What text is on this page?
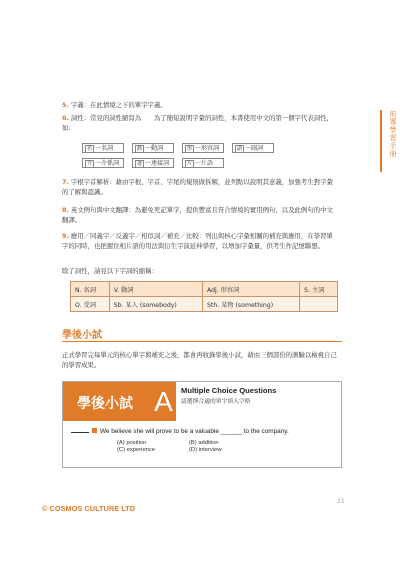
前導學習手冊
5. 字義：在此情境之下的單字字義。
6. 詞性：常見的詞性縮寫為　　為了簡短說明字彙的詞性，本書使用中文的第一個字代表詞性，如：
名 一名詞	動 一動詞	形 一形容詞	副 一副詞
介 一介係詞	連 一連接詞	片 一片語
7. 字根字首解析：藉由字根、字首、字尾的規則做拆解，並列點以說明其意義，加強考生對字彙的了解與認識。
8. 英文例句與中文翻譯：為避免死記單字，提供豐富且符合情境的實用例句，以及此例句的中文翻譯。
9. 應用／同義字／反義字／相似詞／補充／比較：列出與核心字彙相關的補充與應用，在學習單字的同時，也把握住相片語的用法與衍生字演延伸學習，以增加字彙量，供考生作記憶聯想。
除了詞性，請見以下字詞的縮稱：
N. 名詞	V. 動詞	Adj. 形容詞	S. 主詞
O. 受詞	Sb. 某人 (somebody)	Sth. 某物 (something)	
學後小試
正式學習完每單元的核心單字與補充之後，都會再收錄學後小試，藉由三個部份的測驗以檢視自己的學習成果。
學後小試 A	Multiple Choice Questions
請選擇合適的單字填入空格
We believe she will prove to be a valuable ______ to the company.
(A) position
(C) experience
(B) addition
(D) interview
© COSMOS CULTURE LTD
11
